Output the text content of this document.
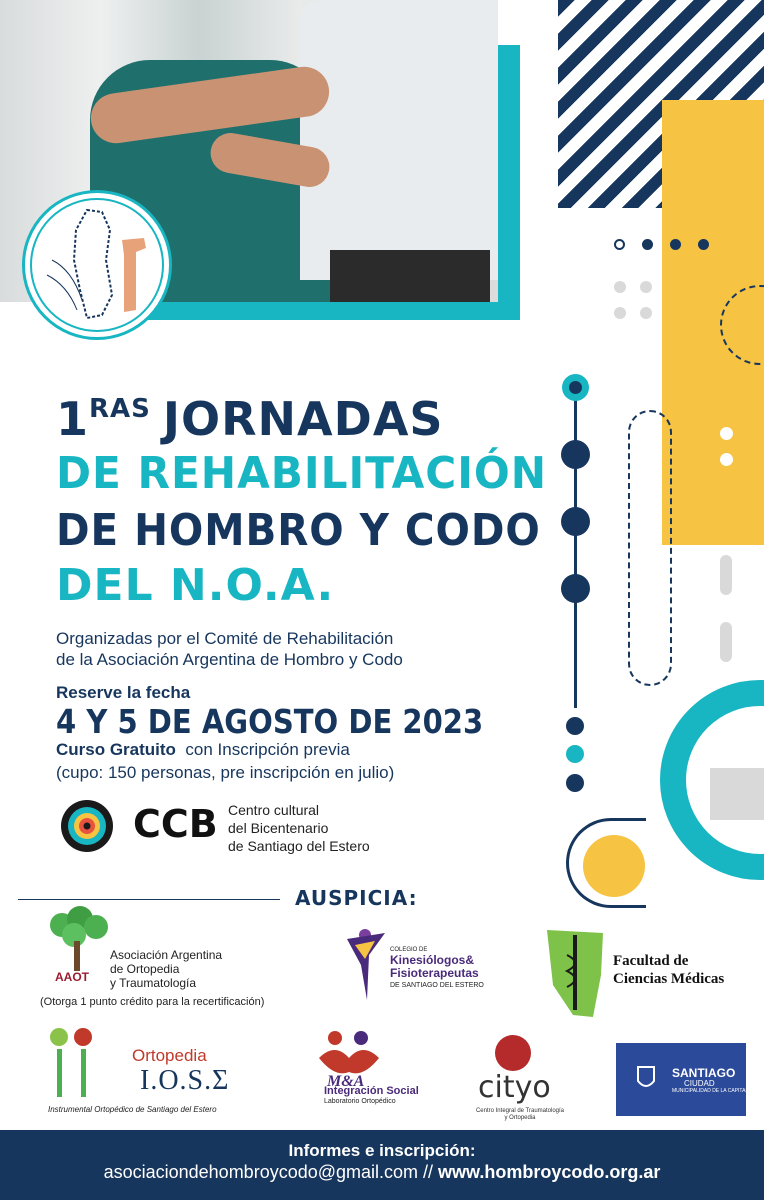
$1^{RAS}$ JORNADAS
DE REHABILITACIÓN
DE HOMBRO Y CODO
DEL N.O.A.
Organizadas por el Comité de Rehabilitación
de la Asociación Argentina de Hombro y Codo
Reserve la fecha
4 Y 5 DE AGOSTO DE 2023
Curso Gratuito con Inscripción previa
(cupo: 150 personas, pre inscripción en julio)
CCB Centro cultural
del Bicentenario
de Santiago del Estero
AUSPICIA:
AAOT
Asociación Argentina
de Ortopedia
y Traumatología
(Otorga 1 punto crédito para la recertificación)
COLEGIO DE
Kinesiólogos&
Fisioterapeutas
DE SANTIAGO DEL ESTERO
Facultad de
Ciencias Médicas
Ortopedia
I.O.S.Σ
Instrumental Ortopédico de Santiago del Estero
M&A
Integración Social
Laboratorio Ortopédico	cityo
Centro Integral de Traumatología y Ortopedia
SANTIAGO
CIUDAD
MUNICIPALIDAD DE LA CAPITAL
Informes e inscripción:
asociaciondehombroycodo@gmail.com // www.hombroycodo.org.ar
